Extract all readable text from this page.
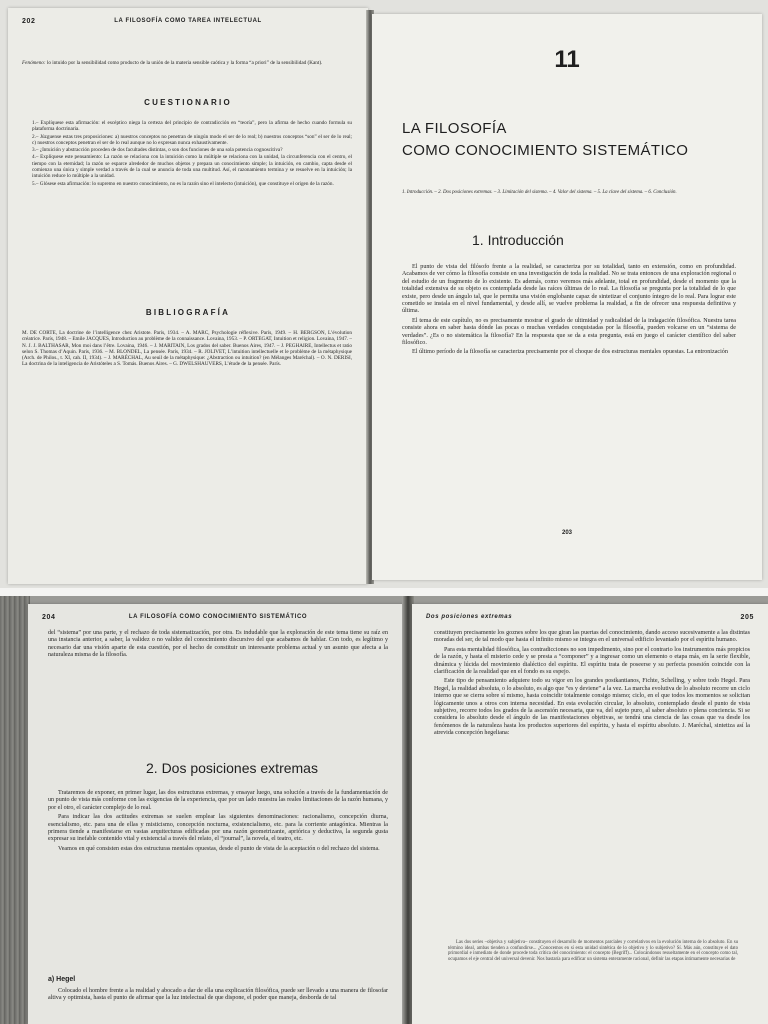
202	LA FILOSOFÍA COMO TAREA INTELECTUAL
Fenómeno: lo intuido por la sensibilidad como producto de la unión de la materia sensible caótica y la forma “a priori” de la sensibilidad (Kant).
CUESTIONARIO

1.– Explíquese esta afirmación: el escéptico niega la certeza del principio de contradicción en “teoría”, pero la afirma de hecho cuando formula su plataforma doctrinaria.

2.– Júzguense estas tres proposiciones: a) nuestros conceptos no penetran de ningún modo el ser de lo real; b) nuestros conceptos “son” el ser de lo real; c) nuestros conceptos penetran el ser de lo real aunque no lo expresan nunca exhaustivamente.

3.– ¿Intuición y abstracción proceden de dos facultades distintas, o son dos funciones de una sola potencia cognoscitiva?

4.– Explíquese este pensamiento: La razón se relaciona con la intuición como la múltiple se relaciona con la unidad, la circunferencia con el centro, el tiempo con la eternidad; la razón se esparce alrededor de muchos objetos y prepara un conocimiento simple; la intuición, en cambio, capta desde el comienzo una única y simple verdad a través de la cual se anuncia de toda una multitud. Así, el razonamiento termina y se resuelve en la intuición; la intuición reduce lo múltiple a la unidad.

5.– Glósese esta afirmación: lo supremo en nuestro conocimiento, no es la razón sino el intelecto (intuición), que constituye el origen de la razón.

BIBLIOGRAFÍA

M. DE CORTE, La doctrine de l’intelligence chez Aristote. París, 1934. – A. MARC, Psychologie réflexive. París, 1949. – H. BERGSON, L’évolution créatrice. París, 1948. – Emile JACQUES, Introduction au problème de la connaissance. Lovaina, 1953. – P. ORTEGAT, Intuition et religion. Lovaina, 1947. – N. J. J. BALTHASAR, Mon moi dans l’être. Lovaina, 1946. – J. MARITAIN, Los grados del saber. Buenos Aires, 1947. – J. PEGHAIRE, Intellectus et ratio selon S. Thomas d’Aquin. París, 1936. – M. BLONDEL, La pensée. París, 1934. – R. JOLIVET, L’intuition intellectuelle et le problème de la métaphysique (Arch. de Philos., t. XI, cah. II, 1934). – J. MARÉCHAL, Au seuil de la métaphysique: ¿Abstraction ou intuition? (en Mélanges Maréchal). – O. N. DERISI, La doctrina de la inteligencia de Aristóteles a S. Tomás. Buenos Aires. – G. DWELSHAUVERS, L’étude de la pensée. París.

11
LA FILOSOFÍA
COMO CONOCIMIENTO SISTEMÁTICO
1. Introducción. – 2. Dos posiciones extremas. – 3. Limitación del sistema. – 4. Valor del sistema. – 5. La clave del sistema. – 6. Conclusión.
1. Introducción

El punto de vista del filósofo frente a la realidad, se caracteriza por su totalidad, tanto en extensión, como en profundidad. Acabamos de ver cómo la filosofía consiste en una investigación de toda la realidad. No se trata entonces de una exploración regional o del estudio de un fragmento de lo existente. Es además, como veremos más adelante, total en profundidad, desde el momento que la totalidad extensiva de su objeto es contemplada desde las raíces últimas de lo real. La filosofía se pregunta por la totalidad de lo que existe, pero desde un ángulo tal, que le permita una visión englobante capaz de sintetizar el conjunto íntegro de lo real. Para lograr este cometido se instala en el nivel fundamental, y desde allí, se vuelve problema la realidad, a fin de ofrecer una respuesta definitiva y última.

El tema de este capítulo, no es precisamente mostrar el grado de ultimidad y radicalidad de la indagación filosófica. Nuestra tarea consiste ahora en saber hasta dónde las pocas o muchas verdades conquistadas por la filosofía, pueden volcarse en un “sistema de verdades”. ¿Es o no sistemática la filosofía? En la respuesta que se da a esta pregunta, está en juego el carácter científico del saber filosófico.

El último período de la filosofía se caracteriza precisamente por el choque de dos estructuras mentales opuestas. La entronización

203
204	LA FILOSOFÍA COMO CONOCIMIENTO SISTEMÁTICO

del “sistema” por una parte, y el rechazo de toda sistematización, por otra. Es indudable que la exploración de este tema tiene su raíz en una instancia anterior, a saber, la validez o no validez del conocimiento discursivo del que acabamos de hablar. Con todo, es legítimo y necesario dar una visión aparte de esta cuestión, por el hecho de constituir un interesante problema actual y un asunto que afecta a la naturaleza misma de la filosofía.

2. Dos posiciones extremas

Trataremos de exponer, en primer lugar, las dos estructuras extremas, y ensayar luego, una solución a través de la fundamentación de un punto de vista más conforme con las exigencias de la experiencia, que por un lado muestra las reales limitaciones de la razón humana, y por el otro, el carácter complejo de lo real.

Para indicar las dos actitudes extremas se suelen emplear las siguientes denominaciones: racionalismo, concepción diurna, esencialismo, etc. para una de ellas y misticismo, concepción nocturna, existencialismo, etc. para la corriente antagónica. Mientras la primera tiende a manifestarse en vastas arquitecturas edificadas por una razón geometrizante, apriórica y deductiva, la segunda gusta expresar su inefable contenido vital y existencial a través del relato, el “journal”, la novela, el teatro, etc.

Veamos en qué consisten estas dos estructuras mentales opuestas, desde el punto de vista de la aceptación o del rechazo del sistema.

a) Hegel

Colocado el hombre frente a la realidad y abocado a dar de ella una explicación filosófica, puede ser llevado a una manera de filosofar altiva y optimista, hasta el punto de afirmar que la luz intelectual de que dispone, el poder que maneja, desborda de tal

Dos posiciones extremas	205

constituyen precisamente los goznes sobre los que giran las puertas del conocimiento, dando acceso sucesivamente a las distintas moradas del ser, de tal modo que hasta el infinito mismo se integra en el universal edificio levantado por el espíritu humano.

Para esta mentalidad filosófica, las contradicciones no son impedimento, sino por el contrario los instrumentos más propicios de la razón, y hasta el misterio cede y se presta a “componer” y a ingresar como un elemento o etapa más, en la serie flexible, dinámica y lúcida del movimiento dialéctico del espíritu. El espíritu trata de poseerse y su perfecta posesión coincide con la clarificación de la realidad que en el fondo es su espejo.

Este tipo de pensamiento adquiere todo su vigor en los grandes postkantianos, Fichte, Schelling, y sobre todo Hegel. Para Hegel, la realidad absoluta, o lo absoluto, es algo que “es y deviene” a la vez. La marcha evolutiva de lo absoluto recorre un ciclo interno que se cierra sobre sí mismo, hasta coincidir totalmente consigo mismo; ciclo, en el que todos los momentos se solicitan lógicamente unos a otros con interna necesidad. En esta evolución circular, lo absoluto, contemplado desde el punto de vista subjetivo, recorre todos los grados de la ascensión necesaria, que va, del sujeto puro, al saber absoluto o plena conciencia. Si se considera lo absoluto desde el ángulo de las manifestaciones objetivas, se tendrá una ciencia de las cosas que va desde los fenómenos de la naturaleza hasta los productos superiores del espíritu, y hasta el espíritu absoluto. J. Maréchal, sintetiza así la atrevida concepción hegeliana:

Las dos series –objetiva y subjetiva– constituyen el desarrollo de momentos parciales y correlativos en la evolución interna de lo absoluto. En su término ideal, ambas tienden a confundirse... ¿Conocemos en sí esta unidad sintética de lo objetivo y lo subjetivo? Sí. Más aún, constituye el dato primordial e inmediato de donde procede toda crítica del conocimiento: el concepto (Begriff)... Colocándonos resueltamente en el concepto como tal, ocupamos el eje central del universal devenir. Nos bastaría para edificar un sistema enteramente racional, definir las etapas íntimamente necesarias de
